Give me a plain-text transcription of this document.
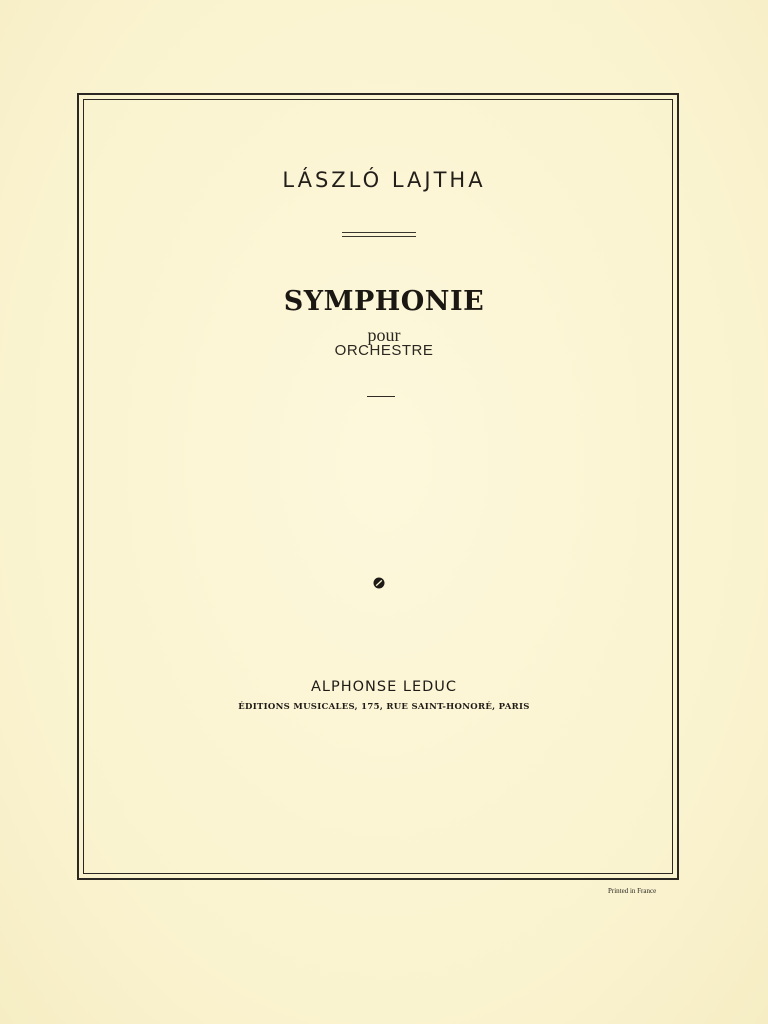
LÁSZLÓ LAJTHA
SYMPHONIE
pour
ORCHESTRE
ALPHONSE LEDUC
ÉDITIONS MUSICALES, 175, RUE SAINT-HONORÉ, PARIS
Printed in France
